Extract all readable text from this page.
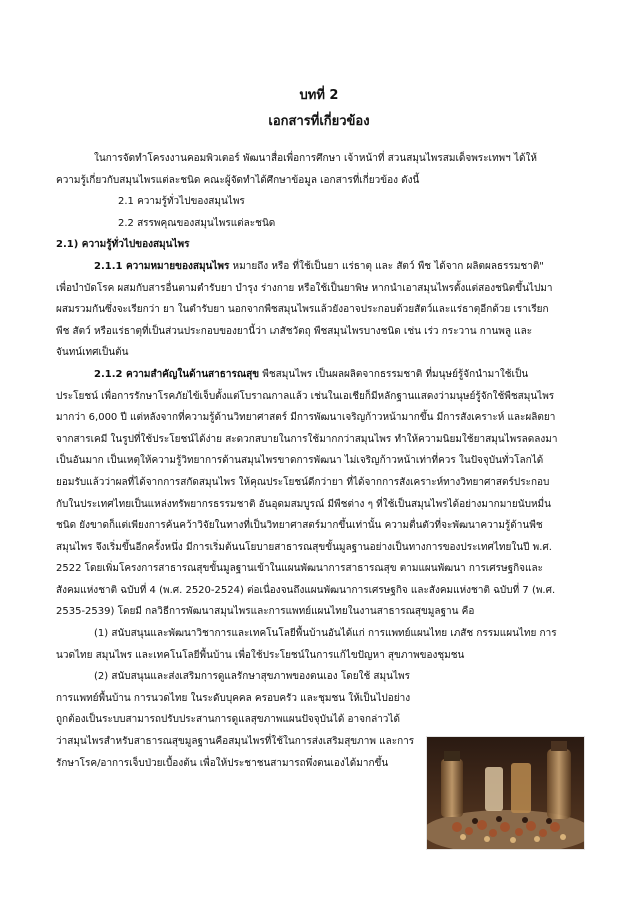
บทที่ 2
เอกสารที่เกี่ยวข้อง
ในการจัดทำโครงงานคอมพิวเตอร์ พัฒนาสื่อเพื่อการศึกษา เจ้าหน้าที่ สวนสมุนไพรสมเด็จพระเทพฯ ได้ให้
ความรู้เกี่ยวกับสมุนไพรแต่ละชนิด คณะผู้จัดทำได้ศึกษาข้อมูล เอกสารที่เกี่ยวข้อง ดังนี้
2.1 ความรู้ทั่วไปของสมุนไพร
2.2 สรรพคุณของสมุนไพรแต่ละชนิด
2.1) ความรู้ทั่วไปของสมุนไพร
2.1.1 ความหมายของสมุนไพร หมายถึง หรือ ที่ใช้เป็นยา แร่ธาตุ และ สัตว์ พืช ได้จาก ผลิตผลธรรมชาติ"
เพื่อบำบัดโรค ผสมกับสารอื่นตามตำรับยา บำรุง ร่างกาย หรือใช้เป็นยาพิษ หากนำเอาสมุนไพรตั้งแต่สองชนิดขึ้นไปมา
ผสมรวมกันซึ่งจะเรียกว่า ยา ในตำรับยา นอกจากพืชสมุนไพรแล้วยังอาจประกอบด้วยสัตว์และแร่ธาตุอีกด้วย เราเรียก
พืช สัตว์ หรือแร่ธาตุที่เป็นส่วนประกอบของยานี้ว่า เภสัชวัตถุ พืชสมุนไพรบางชนิด เช่น เร่ว กระวาน กานพลู และ
จันทน์เทศเป็นต้น
2.1.2 ความสำคัญในด้านสาธารณสุข พืชสมุนไพร เป็นผลผลิตจากธรรมชาติ ที่มนุษย์รู้จักนำมาใช้เป็น
ประโยชน์ เพื่อการรักษาโรคภัยไข้เจ็บตั้งแต่โบราณกาลแล้ว เช่นในเอเชียก็มีหลักฐานแสดงว่ามนุษย์รู้จักใช้พืชสมุนไพร
มากว่า 6,000 ปี แต่หลังจากที่ความรู้ด้านวิทยาศาสตร์ มีการพัฒนาเจริญก้าวหน้ามากขึ้น มีการสังเคราะห์ และผลิตยา
จากสารเคมี ในรูปที่ใช้ประโยชน์ได้ง่าย สะดวกสบายในการใช้มากกว่าสมุนไพร ทำให้ความนิยมใช้ยาสมุนไพรลดลงมา
เป็นอันมาก เป็นเหตุให้ความรู้วิทยาการด้านสมุนไพรขาดการพัฒนา ไม่เจริญก้าวหน้าเท่าที่ควร ในปัจจุบันทั่วโลกได้
ยอมรับแล้วว่าผลที่ได้จากการสกัดสมุนไพร ให้คุณประโยชน์ดีกว่ายา ที่ได้จากการสังเคราะห์ทางวิทยาศาสตร์ประกอบ
กับในประเทศไทยเป็นแหล่งทรัพยากรธรรมชาติ อันอุดมสมบูรณ์ มีพืชต่าง ๆ ที่ใช้เป็นสมุนไพรได้อย่างมากมายนับหมื่น
ชนิด ยังขาดก็แต่เพียงการค้นคว้าวิจัยในทางที่เป็นวิทยาศาสตร์มากขึ้นเท่านั้น ความตื่นตัวที่จะพัฒนาความรู้ด้านพืช
สมุนไพร จึงเริ่มขึ้นอีกครั้งหนึ่ง มีการเริ่มต้นนโยบายสาธารณสุขขั้นมูลฐานอย่างเป็นทางการของประเทศไทยในปี พ.ศ.
2522 โดยเพิ่มโครงการสาธารณสุขขั้นมูลฐานเข้าในแผนพัฒนาการสาธารณสุข ตามแผนพัฒนา การเศรษฐกิจและ
สังคมแห่งชาติ ฉบับที่ 4 (พ.ศ. 2520-2524) ต่อเนื่องจนถึงแผนพัฒนาการเศรษฐกิจ และสังคมแห่งชาติ ฉบับที่ 7 (พ.ศ.
2535-2539) โดยมี กลวิธีการพัฒนาสมุนไพรและการแพทย์แผนไทยในงานสาธารณสุขมูลฐาน คือ
(1) สนับสนุนและพัฒนาวิชาการและเทคโนโลยีพื้นบ้านอันได้แก่ การแพทย์แผนไทย เภสัช กรรมแผนไทย การ
นวดไทย สมุนไพร และเทคโนโลยีพื้นบ้าน เพื่อใช้ประโยชน์ในการแก้ไขปัญหา สุขภาพของชุมชน
(2) สนับสนุนและส่งเสริมการดูแลรักษาสุขภาพของตนเอง โดยใช้ สมุนไพร
การแพทย์พื้นบ้าน การนวดไทย ในระดับบุคคล ครอบครัว และชุมชน ให้เป็นไปอย่าง
ถูกต้องเป็นระบบสามารถปรับประสานการดูแลสุขภาพแผนปัจจุบันได้ อาจกล่าวได้
ว่าสมุนไพรสำหรับสาธารณสุขมูลฐานคือสมุนไพรที่ใช้ในการส่งเสริมสุขภาพ และการ
รักษาโรค/อาการเจ็บป่วยเบื้องต้น เพื่อให้ประชาชนสามารถพึ่งตนเองได้มากขึ้น
